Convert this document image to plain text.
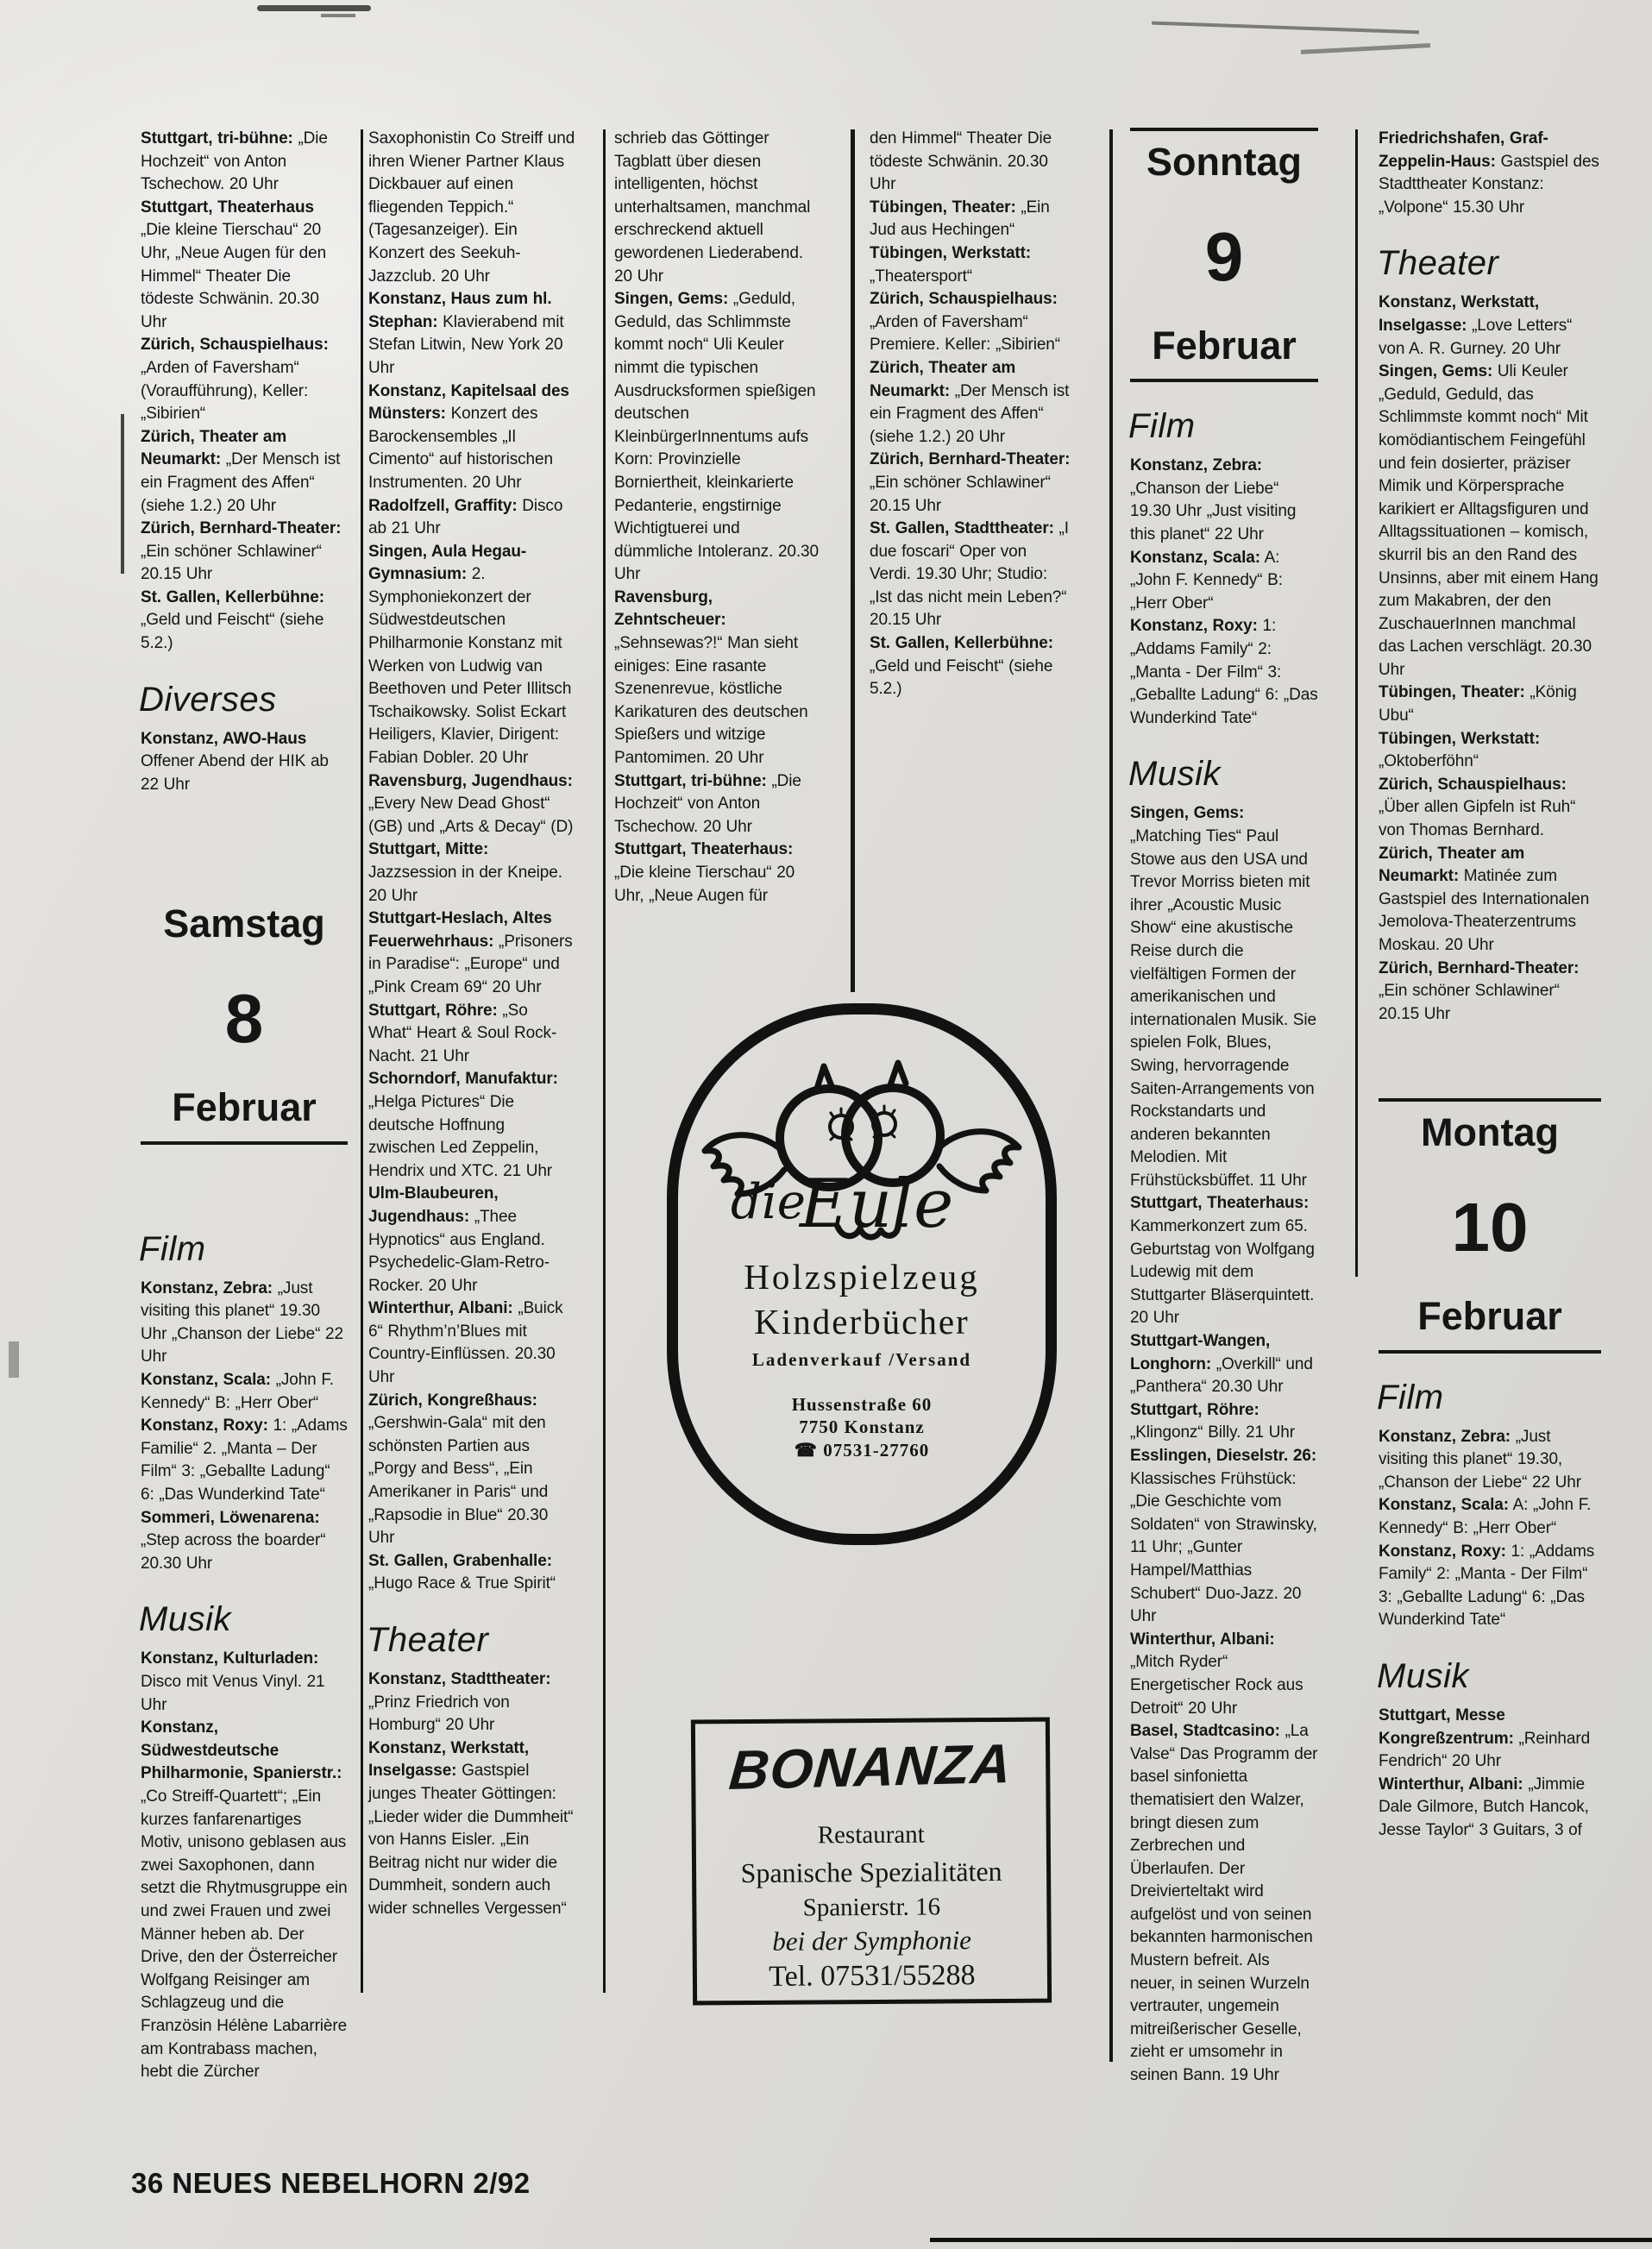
Stuttgart, tri-bühne: „Die Hochzeit“ von Anton Tschechow. 20 Uhr

Stuttgart, Theaterhaus „Die kleine Tierschau“ 20 Uhr, „Neue Augen für den Himmel“ Theater Die tödeste Schwänin. 20.30 Uhr

Zürich, Schauspielhaus: „Arden of Faversham“ (Voraufführung), Keller: „Sibirien“

Zürich, Theater am Neumarkt: „Der Mensch ist ein Fragment des Affen“ (siehe 1.2.) 20 Uhr

Zürich, Bernhard-Theater: „Ein schöner Schlawiner“ 20.15 Uhr

St. Gallen, Kellerbühne: „Geld und Feischt“ (siehe 5.2.)

Diverses

Konstanz, AWO-Haus Offener Abend der HIK ab 22 Uhr

Samstag
8
Februar
Film

Konstanz, Zebra: „Just visiting this planet“ 19.30 Uhr „Chanson der Liebe“ 22 Uhr

Konstanz, Scala: „John F. Kennedy“ B: „Herr Ober“

Konstanz, Roxy: 1: „Adams Familie“ 2. „Manta – Der Film“ 3: „Geballte Ladung“ 6: „Das Wunderkind Tate“

Sommeri, Löwenarena: „Step across the boarder“ 20.30 Uhr

Musik

Konstanz, Kulturladen: Disco mit Venus Vinyl. 21 Uhr

Konstanz, Südwestdeutsche Philharmonie, Spanierstr.: „Co Streiff-Quartett“; „Ein kurzes fanfarenartiges Motiv, unisono geblasen aus zwei Saxophonen, dann setzt die Rhytmusgruppe ein und zwei Frauen und zwei Männer heben ab. Der Drive, den der Österreicher Wolfgang Reisinger am Schlagzeug und die Französin Hélène Labarrière am Kontrabass machen, hebt die Zürcher

Saxophonistin Co Streiff und ihren Wiener Partner Klaus Dickbauer auf einen fliegenden Teppich.“ (Tagesanzeiger). Ein Konzert des Seekuh-Jazzclub. 20 Uhr

Konstanz, Haus zum hl. Stephan: Klavierabend mit Stefan Litwin, New York 20 Uhr

Konstanz, Kapitelsaal des Münsters: Konzert des Barockensembles „Il Cimento“ auf historischen Instrumenten. 20 Uhr

Radolfzell, Graffity: Disco ab 21 Uhr

Singen, Aula Hegau-Gymnasium: 2. Symphoniekonzert der Südwestdeutschen Philharmonie Konstanz mit Werken von Ludwig van Beethoven und Peter Illitsch Tschaikowsky. Solist Eckart Heiligers, Klavier, Dirigent: Fabian Dobler. 20 Uhr

Ravensburg, Jugendhaus: „Every New Dead Ghost“ (GB) und „Arts & Decay“ (D)

Stuttgart, Mitte: Jazzsession in der Kneipe. 20 Uhr

Stuttgart-Heslach, Altes Feuerwehrhaus: „Prisoners in Paradise“: „Europe“ und „Pink Cream 69“ 20 Uhr

Stuttgart, Röhre: „So What“ Heart & Soul Rock-Nacht. 21 Uhr

Schorndorf, Manufaktur: „Helga Pictures“ Die deutsche Hoffnung zwischen Led Zeppelin, Hendrix und XTC. 21 Uhr

Ulm-Blaubeuren, Jugendhaus: „Thee Hypnotics“ aus England. Psychedelic-Glam-Retro-Rocker. 20 Uhr

Winterthur, Albani: „Buick 6“ Rhythm’n’Blues mit Country-Einflüssen. 20.30 Uhr

Zürich, Kongreßhaus: „Gershwin-Gala“ mit den schönsten Partien aus „Porgy and Bess“, „Ein Amerikaner in Paris“ und „Rapsodie in Blue“ 20.30 Uhr

St. Gallen, Grabenhalle: „Hugo Race & True Spirit“

Theater

Konstanz, Stadttheater: „Prinz Friedrich von Homburg“ 20 Uhr

Konstanz, Werkstatt, Inselgasse: Gastspiel junges Theater Göttingen: „Lieder wider die Dummheit“ von Hanns Eisler. „Ein Beitrag nicht nur wider die Dummheit, sondern auch wider schnelles Vergessen“

schrieb das Göttinger Tagblatt über diesen intelligenten, höchst unterhaltsamen, manchmal erschreckend aktuell gewordenen Liederabend. 20 Uhr

Singen, Gems: „Geduld, Geduld, das Schlimmste kommt noch“ Uli Keuler nimmt die typischen Ausdrucksformen spießigen deutschen KleinbürgerInnentums aufs Korn: Provinzielle Borniertheit, kleinkarierte Pedanterie, engstirnige Wichtigtuerei und dümmliche Intoleranz. 20.30 Uhr

Ravensburg, Zehntscheuer: „Sehnsewas?!“ Man sieht einiges: Eine rasante Szenenrevue, köstliche Karikaturen des deutschen Spießers und witzige Pantomimen. 20 Uhr

Stuttgart, tri-bühne: „Die Hochzeit“ von Anton Tschechow. 20 Uhr

Stuttgart, Theaterhaus: „Die kleine Tierschau“ 20 Uhr, „Neue Augen für

den Himmel“ Theater Die tödeste Schwänin. 20.30 Uhr

Tübingen, Theater: „Ein Jud aus Hechingen“

Tübingen, Werkstatt: „Theatersport“

Zürich, Schauspielhaus: „Arden of Faversham“ Premiere. Keller: „Sibirien“

Zürich, Theater am Neumarkt: „Der Mensch ist ein Fragment des Affen“ (siehe 1.2.) 20 Uhr

Zürich, Bernhard-Theater: „Ein schöner Schlawiner“ 20.15 Uhr

St. Gallen, Stadttheater: „I due foscari“ Oper von Verdi. 19.30 Uhr; Studio: „Ist das nicht mein Leben?“ 20.15 Uhr

St. Gallen, Kellerbühne: „Geld und Feischt“ (siehe 5.2.)

Sonntag
9
Februar
Film

Konstanz, Zebra: „Chanson der Liebe“ 19.30 Uhr „Just visiting this planet“ 22 Uhr

Konstanz, Scala: A: „John F. Kennedy“ B: „Herr Ober“

Konstanz, Roxy: 1: „Addams Family“ 2: „Manta - Der Film“ 3: „Geballte Ladung“ 6: „Das Wunderkind Tate“

Musik

Singen, Gems: „Matching Ties“ Paul Stowe aus den USA und Trevor Morriss bieten mit ihrer „Acoustic Music Show“ eine akustische Reise durch die vielfältigen Formen der amerikanischen und internationalen Musik. Sie spielen Folk, Blues, Swing, hervorragende Saiten-Arrangements von Rockstandarts und anderen bekannten Melodien. Mit Frühstücksbüffet. 11 Uhr

Stuttgart, Theaterhaus: Kammerkonzert zum 65. Geburtstag von Wolfgang Ludewig mit dem Stuttgarter Bläserquintett. 20 Uhr

Stuttgart-Wangen, Longhorn: „Overkill“ und „Panthera“ 20.30 Uhr

Stuttgart, Röhre: „Klingonz“ Billy. 21 Uhr

Esslingen, Dieselstr. 26: Klassisches Frühstück: „Die Geschichte vom Soldaten“ von Strawinsky, 11 Uhr; „Gunter Hampel/Matthias Schubert“ Duo-Jazz. 20 Uhr

Winterthur, Albani: „Mitch Ryder“ Energetischer Rock aus Detroit“ 20 Uhr

Basel, Stadtcasino: „La Valse“ Das Programm der basel sinfonietta thematisiert den Walzer, bringt diesen zum Zerbrechen und Überlaufen. Der Dreivierteltakt wird aufgelöst und von seinen bekannten harmonischen Mustern befreit. Als neuer, in seinen Wurzeln vertrauter, ungemein mitreißerischer Geselle, zieht er umsomehr in seinen Bann. 19 Uhr

Friedrichshafen, Graf-Zeppelin-Haus: Gastspiel des Stadttheater Konstanz: „Volpone“ 15.30 Uhr

Theater

Konstanz, Werkstatt, Inselgasse: „Love Letters“ von A. R. Gurney. 20 Uhr

Singen, Gems: Uli Keuler „Geduld, Geduld, das Schlimmste kommt noch“ Mit komödiantischem Feingefühl und fein dosierter, präziser Mimik und Körpersprache karikiert er Alltagsfiguren und Alltagssituationen – komisch, skurril bis an den Rand des Unsinns, aber mit einem Hang zum Makabren, der den ZuschauerInnen manchmal das Lachen verschlägt. 20.30 Uhr

Tübingen, Theater: „König Ubu“

Tübingen, Werkstatt: „Oktoberföhn“

Zürich, Schauspielhaus: „Über allen Gipfeln ist Ruh“ von Thomas Bernhard.

Zürich, Theater am Neumarkt: Matinée zum Gastspiel des Internationalen Jemolova-Theaterzentrums Moskau. 20 Uhr

Zürich, Bernhard-Theater: „Ein schöner Schlawiner“ 20.15 Uhr

Montag
10
Februar
Film

Konstanz, Zebra: „Just visiting this planet“ 19.30, „Chanson der Liebe“ 22 Uhr

Konstanz, Scala: A: „John F. Kennedy“ B: „Herr Ober“

Konstanz, Roxy: 1: „Addams Family“ 2: „Manta - Der Film“ 3: „Geballte Ladung“ 6: „Das Wunderkind Tate“

Musik

Stuttgart, Messe Kongreßzentrum: „Reinhard Fendrich“ 20 Uhr

Winterthur, Albani: „Jimmie Dale Gilmore, Butch Hancok, Jesse Taylor“ 3 Guitars, 3 of

die
Eule
Holzspielzeug
Kinderbücher
Ladenverkauf /Versand
Hussenstraße 60
7750 Konstanz
☎ 07531-27760
BONANZA
Restaurant
Spanische Spezialitäten
Spanierstr. 16
bei der Symphonie
Tel. 07531/55288
36 NEUES NEBELHORN 2/92
